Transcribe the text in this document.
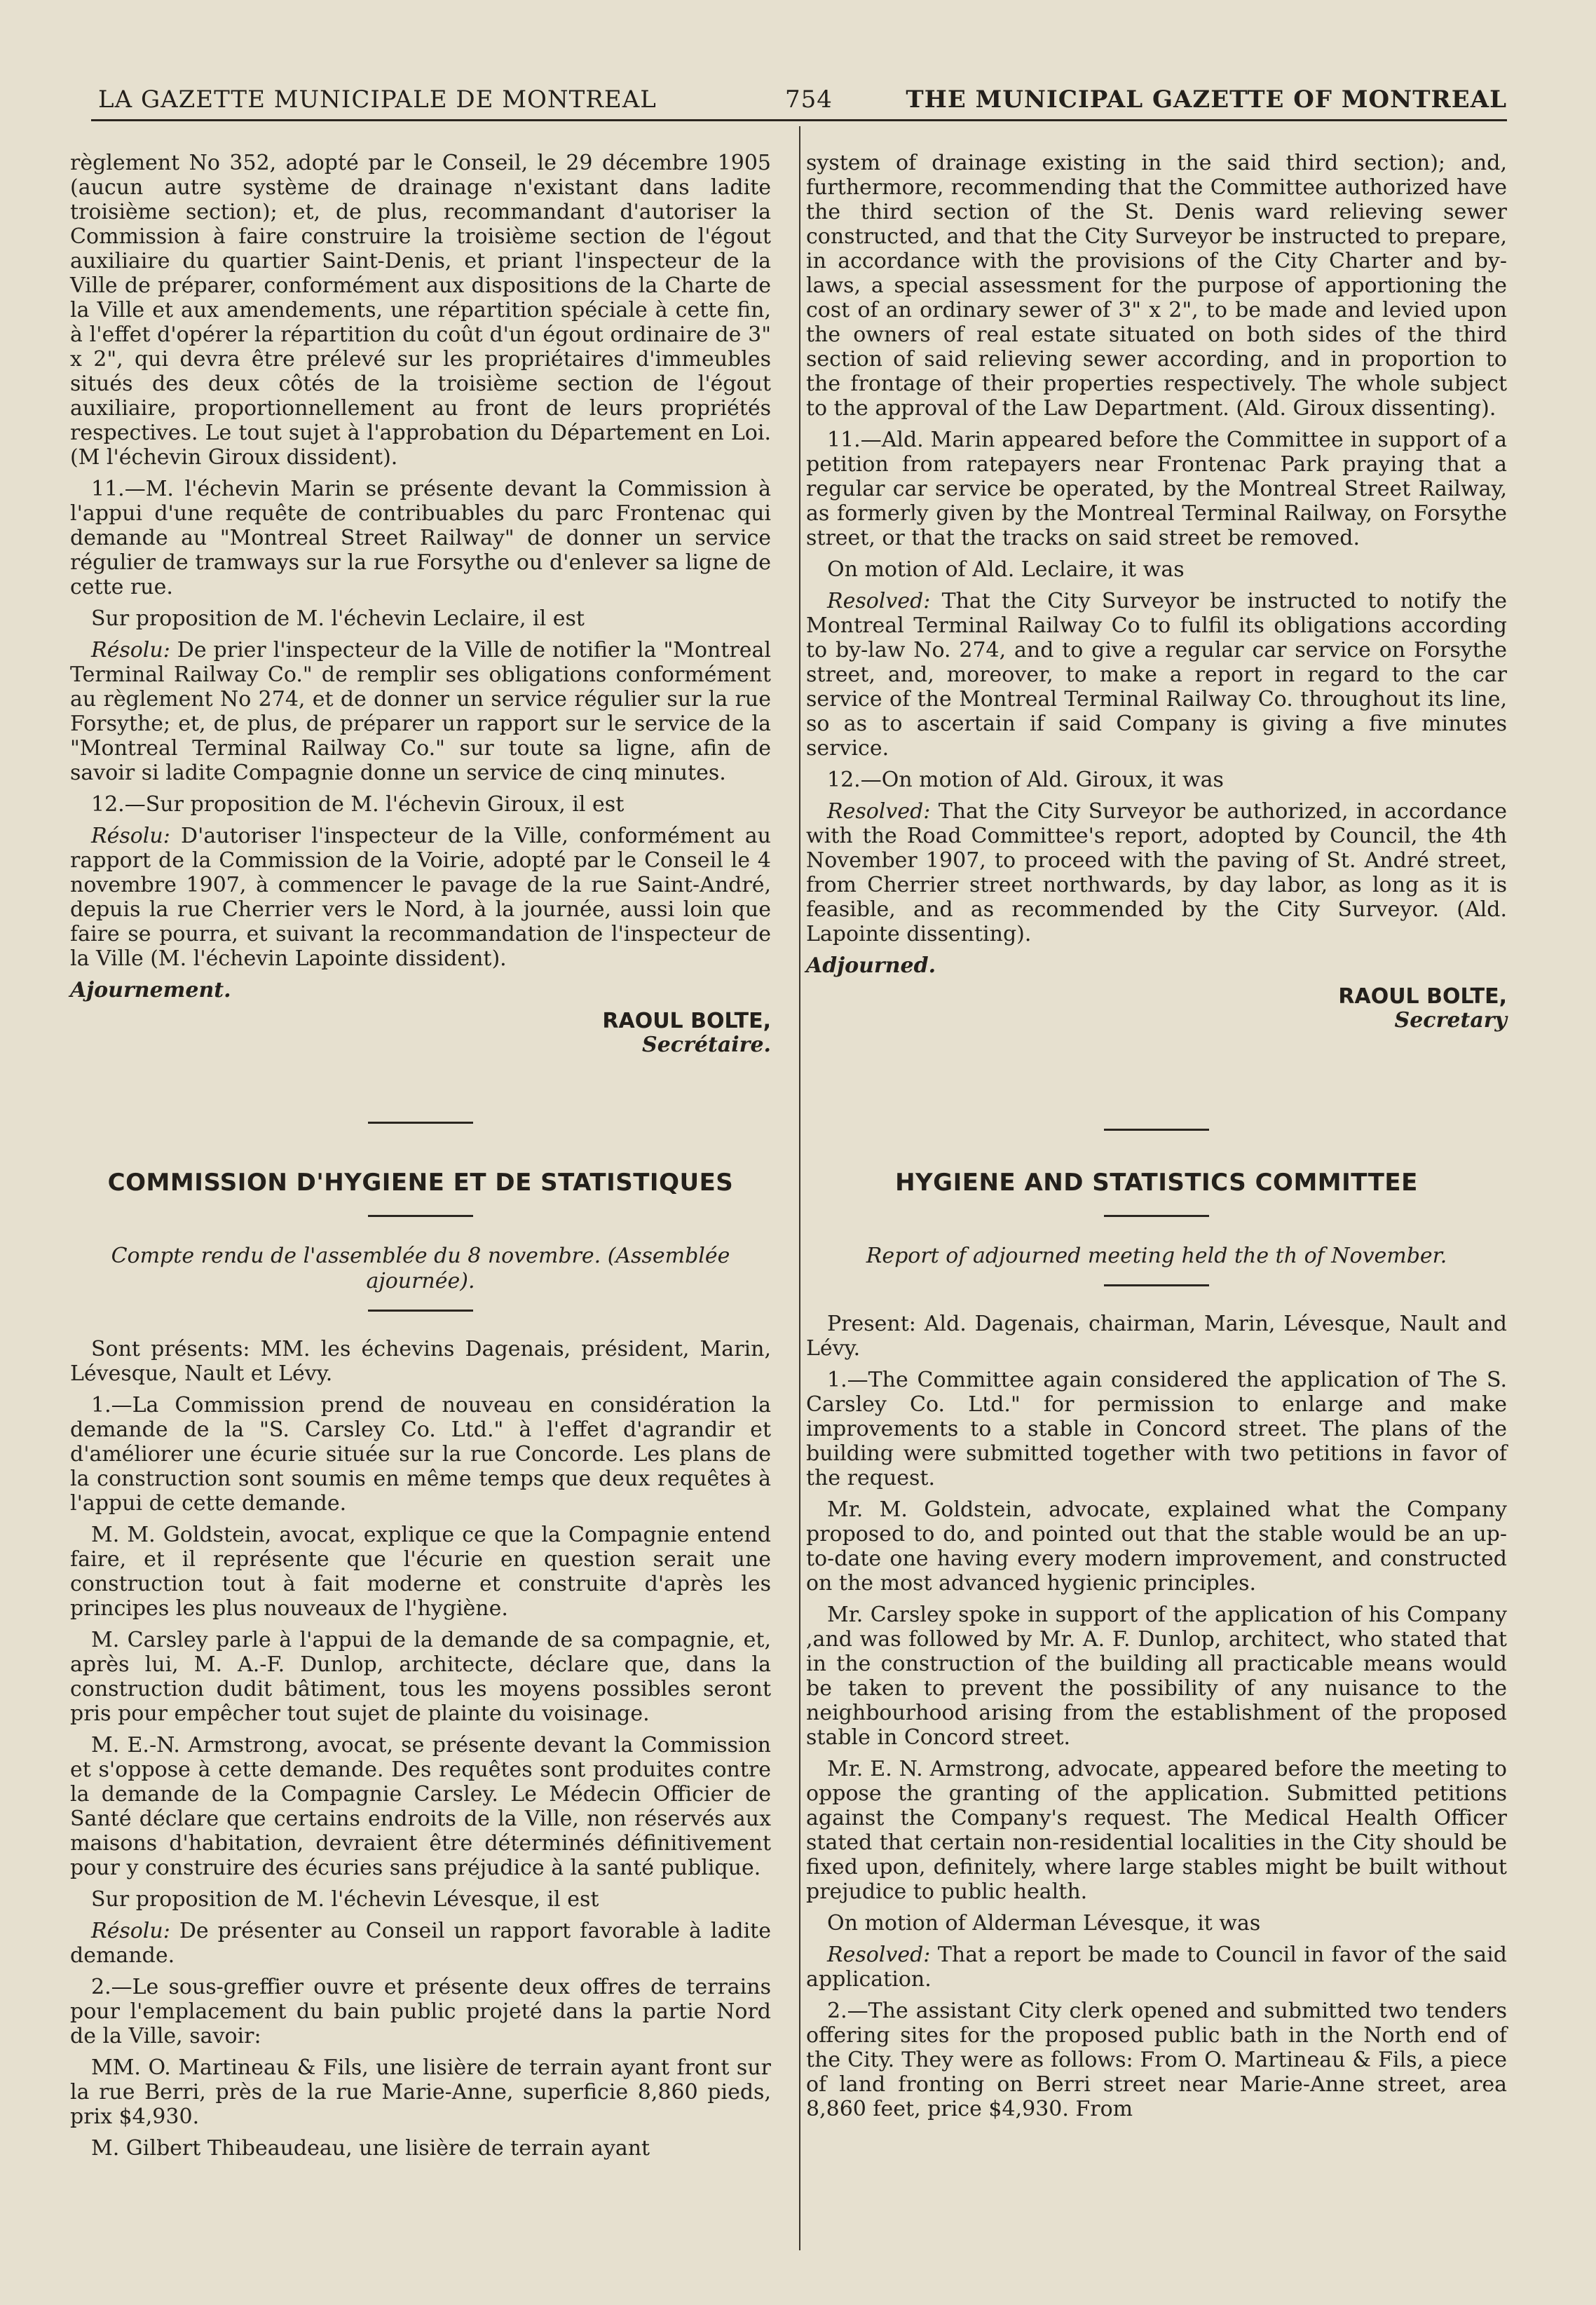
LA GAZETTE MUNICIPALE DE MONTREAL	754	THE MUNICIPAL GAZETTE OF MONTREAL

règlement No 352, adopté par le Conseil, le 29 décembre 1905 (aucun autre système de drainage n'existant dans ladite troisième section); et, de plus, recommandant d'autoriser la Commission à faire construire la troisième section de l'égout auxiliaire du quartier Saint-Denis, et priant l'inspecteur de la Ville de préparer, conformément aux dispositions de la Charte de la Ville et aux amendements, une répartition spéciale à cette fin, à l'effet d'opérer la répartition du coût d'un égout ordinaire de 3" x 2", qui devra être prélevé sur les propriétaires d'immeubles situés des deux côtés de la troisième section de l'égout auxiliaire, proportionnellement au front de leurs propriétés respectives. Le tout sujet à l'approbation du Département en Loi. (M l'échevin Giroux dissident).

11.—M. l'échevin Marin se présente devant la Commission à l'appui d'une requête de contribuables du parc Frontenac qui demande au "Montreal Street Railway" de donner un service régulier de tramways sur la rue Forsythe ou d'enlever sa ligne de cette rue.

Sur proposition de M. l'échevin Leclaire, il est

Résolu: De prier l'inspecteur de la Ville de notifier la "Montreal Terminal Railway Co." de remplir ses obligations conformément au règlement No 274, et de donner un service régulier sur la rue Forsythe; et, de plus, de préparer un rapport sur le service de la "Montreal Terminal Railway Co." sur toute sa ligne, afin de savoir si ladite Compagnie donne un service de cinq minutes.

12.—Sur proposition de M. l'échevin Giroux, il est

Résolu: D'autoriser l'inspecteur de la Ville, conformément au rapport de la Commission de la Voirie, adopté par le Conseil le 4 novembre 1907, à commencer le pavage de la rue Saint-André, depuis la rue Cherrier vers le Nord, à la journée, aussi loin que faire se pourra, et suivant la recommandation de l'inspecteur de la Ville (M. l'échevin Lapointe dissident).

Ajournement.

RAOUL BOLTE,
Secrétaire.

system of drainage existing in the said third section); and, furthermore, recommending that the Committee authorized have the third section of the St. Denis ward relieving sewer constructed, and that the City Surveyor be instructed to prepare, in accordance with the provisions of the City Charter and by-laws, a special assessment for the purpose of apportioning the cost of an ordinary sewer of 3" x 2", to be made and levied upon the owners of real estate situated on both sides of the third section of said relieving sewer according, and in proportion to the frontage of their properties respectively. The whole subject to the approval of the Law Department. (Ald. Giroux dissenting).

11.—Ald. Marin appeared before the Committee in support of a petition from ratepayers near Frontenac Park praying that a regular car service be operated, by the Montreal Street Railway, as formerly given by the Montreal Terminal Railway, on Forsythe street, or that the tracks on said street be removed.

On motion of Ald. Leclaire, it was

Resolved: That the City Surveyor be instructed to notify the Montreal Terminal Railway Co to fulfil its obligations according to by-law No. 274, and to give a regular car service on Forsythe street, and, moreover, to make a report in regard to the car service of the Montreal Terminal Railway Co. throughout its line, so as to ascertain if said Company is giving a five minutes service.

12.—On motion of Ald. Giroux, it was

Resolved: That the City Surveyor be authorized, in accordance with the Road Committee's report, adopted by Council, the 4th November 1907, to proceed with the paving of St. André street, from Cherrier street northwards, by day labor, as long as it is feasible, and as recommended by the City Surveyor. (Ald. Lapointe dissenting).

Adjourned.

RAOUL BOLTE,
Secretary
COMMISSION D'HYGIENE ET DE STATISTIQUES
Compte rendu de l'assemblée du 8 novembre. (Assemblée ajournée).

Sont présents: MM. les échevins Dagenais, président, Marin, Lévesque, Nault et Lévy.

1.—La Commission prend de nouveau en considération la demande de la "S. Carsley Co. Ltd." à l'effet d'agrandir et d'améliorer une écurie située sur la rue Concorde. Les plans de la construction sont soumis en même temps que deux requêtes à l'appui de cette demande.

M. M. Goldstein, avocat, explique ce que la Compagnie entend faire, et il représente que l'écurie en question serait une construction tout à fait moderne et construite d'après les principes les plus nouveaux de l'hygiène.

M. Carsley parle à l'appui de la demande de sa compagnie, et, après lui, M. A.-F. Dunlop, architecte, déclare que, dans la construction dudit bâtiment, tous les moyens possibles seront pris pour empêcher tout sujet de plainte du voisinage.

M. E.-N. Armstrong, avocat, se présente devant la Commission et s'oppose à cette demande. Des requêtes sont produites contre la demande de la Compagnie Carsley. Le Médecin Officier de Santé déclare que certains endroits de la Ville, non réservés aux maisons d'habitation, devraient être déterminés définitivement pour y construire des écuries sans préjudice à la santé publique.

Sur proposition de M. l'échevin Lévesque, il est

Résolu: De présenter au Conseil un rapport favorable à ladite demande.

2.—Le sous-greffier ouvre et présente deux offres de terrains pour l'emplacement du bain public projeté dans la partie Nord de la Ville, savoir:

MM. O. Martineau & Fils, une lisière de terrain ayant front sur la rue Berri, près de la rue Marie-Anne, superficie 8,860 pieds, prix $4,930.

M. Gilbert Thibeaudeau, une lisière de terrain ayant

HYGIENE AND STATISTICS COMMITTEE
Report of adjourned meeting held the th of November.

Present: Ald. Dagenais, chairman, Marin, Lévesque, Nault and Lévy.

1.—The Committee again considered the application of The S. Carsley Co. Ltd." for permission to enlarge and make improvements to a stable in Concord street. The plans of the building were submitted together with two petitions in favor of the request.

Mr. M. Goldstein, advocate, explained what the Company proposed to do, and pointed out that the stable would be an up-to-date one having every modern improvement, and constructed on the most advanced hygienic principles.

Mr. Carsley spoke in support of the application of his Company ,and was followed by Mr. A. F. Dunlop, architect, who stated that in the construction of the building all practicable means would be taken to prevent the possibility of any nuisance to the neighbourhood arising from the establishment of the proposed stable in Concord street.

Mr. E. N. Armstrong, advocate, appeared before the meeting to oppose the granting of the application. Submitted petitions against the Company's request. The Medical Health Officer stated that certain non-residential localities in the City should be fixed upon, definitely, where large stables might be built without prejudice to public health.

On motion of Alderman Lévesque, it was

Resolved: That a report be made to Council in favor of the said application.

2.—The assistant City clerk opened and submitted two tenders offering sites for the proposed public bath in the North end of the City. They were as follows: From O. Martineau & Fils, a piece of land fronting on Berri street near Marie-Anne street, area 8,860 feet, price $4,930. From
